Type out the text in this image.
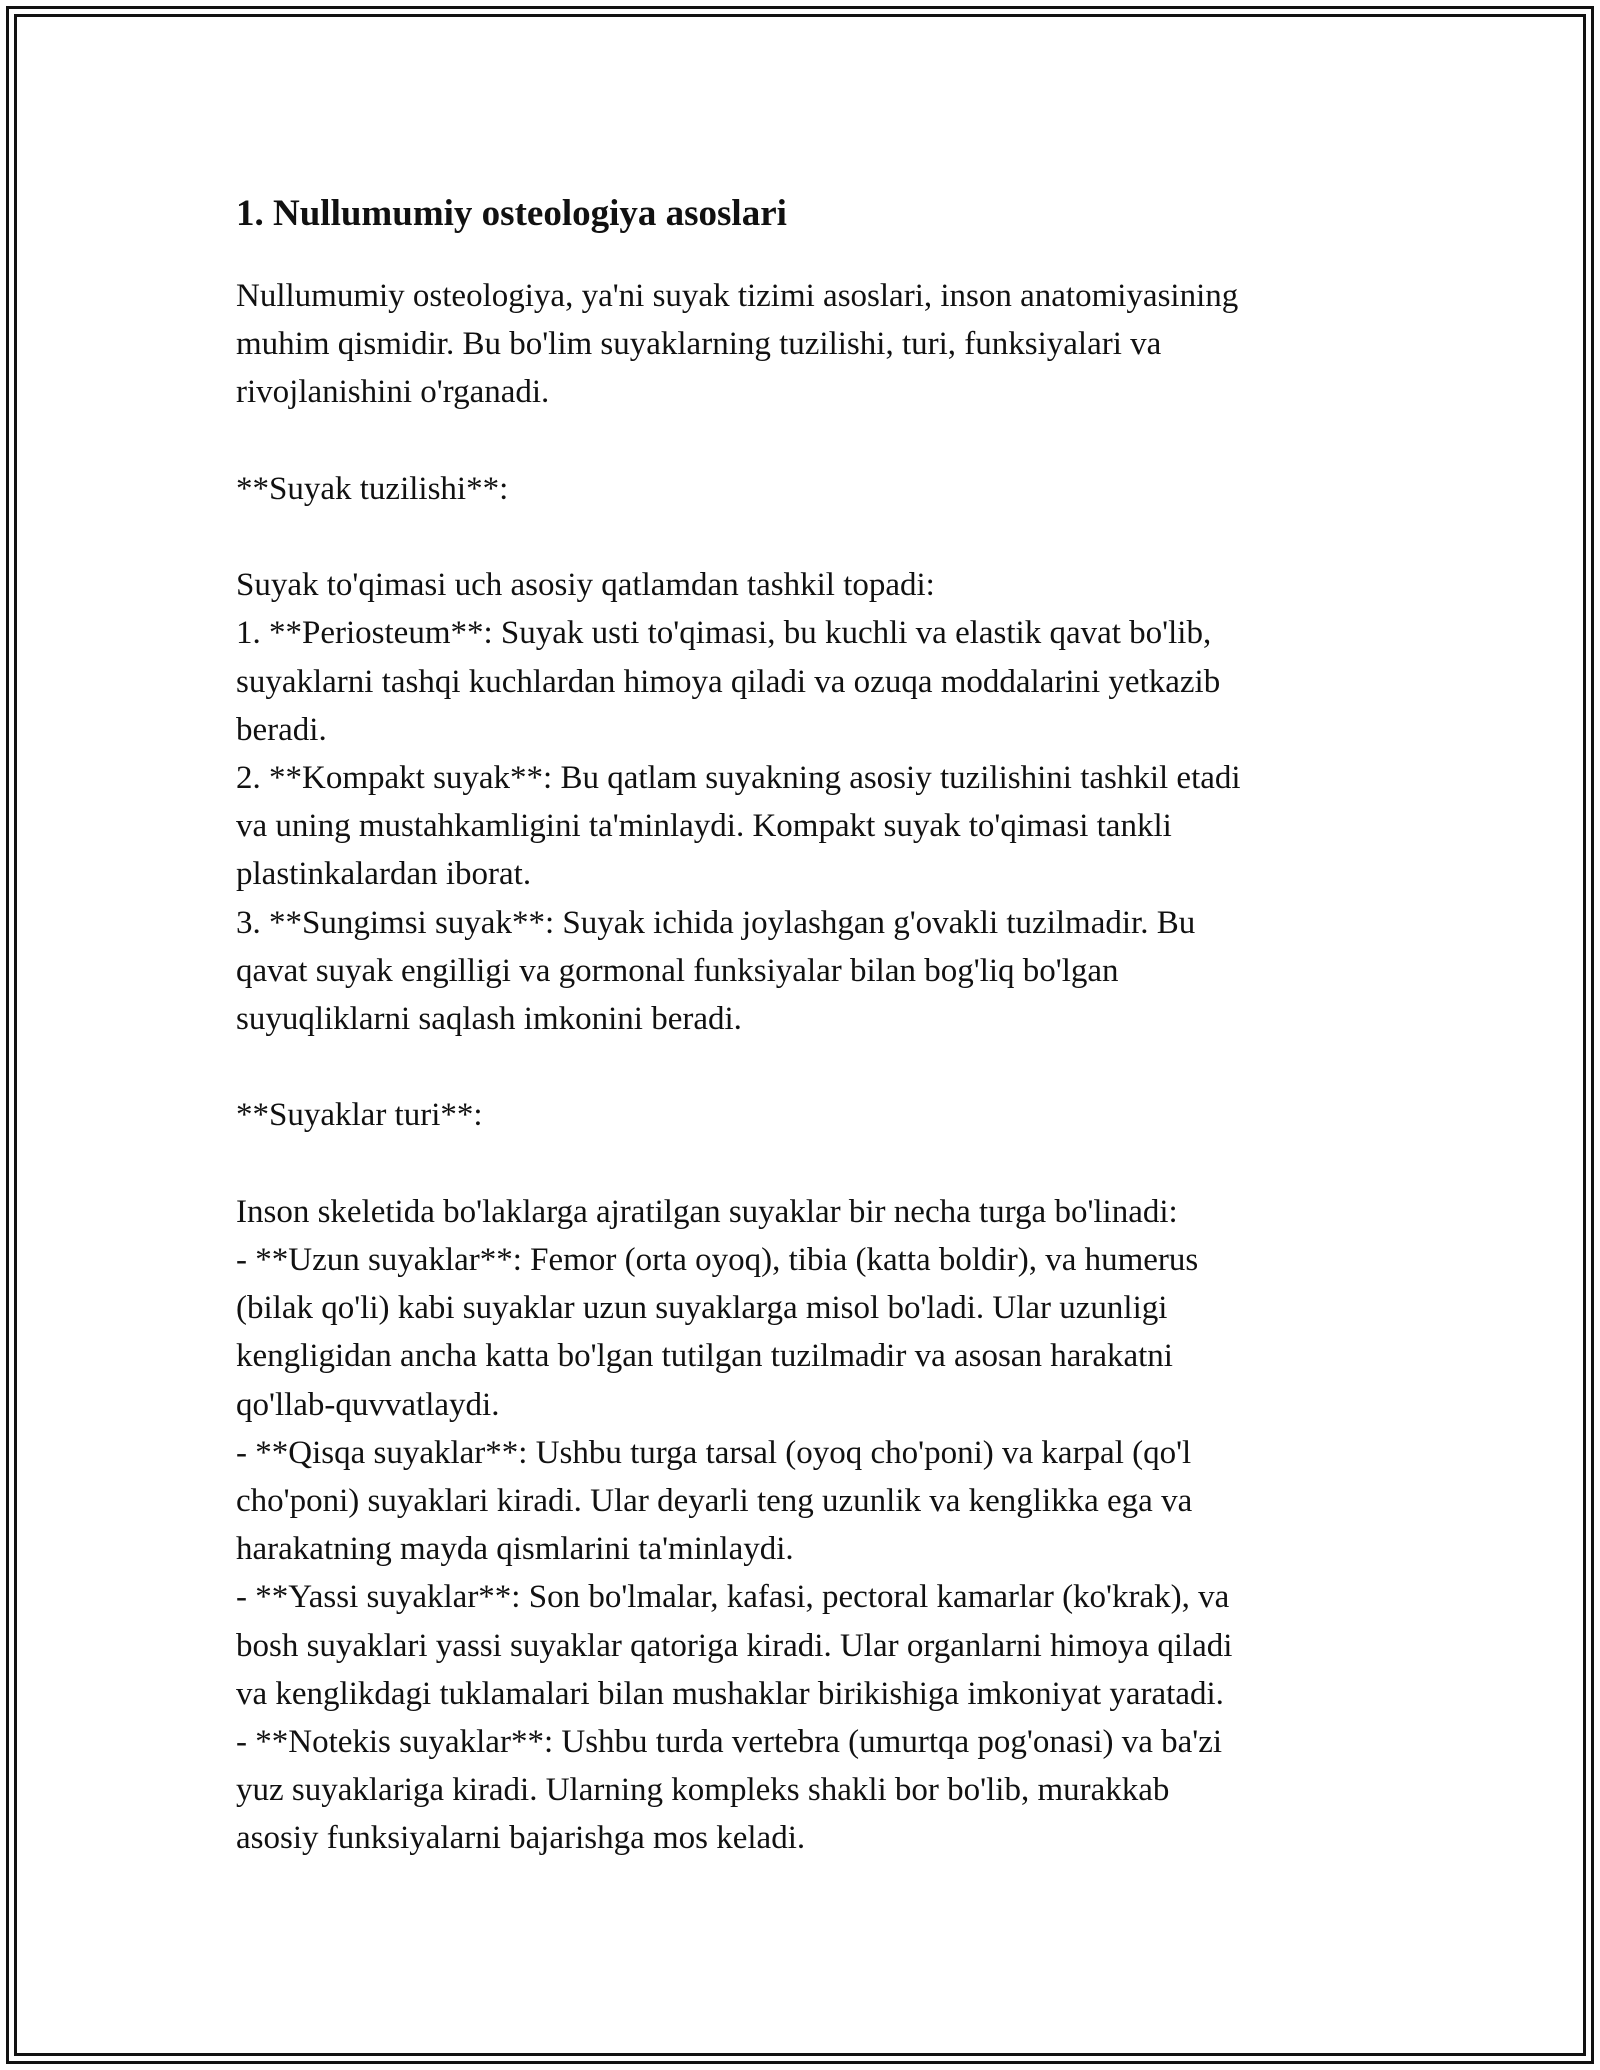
1. Nullumumiy osteologiya asoslari

Nullumumiy osteologiya, ya'ni suyak tizimi asoslari, inson anatomiyasining
muhim qismidir. Bu bo'lim suyaklarning tuzilishi, turi, funksiyalari va
rivojlanishini o'rganadi.

**Suyak tuzilishi**:

Suyak to'qimasi uch asosiy qatlamdan tashkil topadi:

1. **Periosteum**: Suyak usti to'qimasi, bu kuchli va elastik qavat bo'lib,
suyaklarni tashqi kuchlardan himoya qiladi va ozuqa moddalarini yetkazib
beradi.

2. **Kompakt suyak**: Bu qatlam suyakning asosiy tuzilishini tashkil etadi
va uning mustahkamligini ta'minlaydi. Kompakt suyak to'qimasi tankli
plastinkalardan iborat.

3. **Sungimsi suyak**: Suyak ichida joylashgan g'ovakli tuzilmadir. Bu
qavat suyak engilligi va gormonal funksiyalar bilan bog'liq bo'lgan
suyuqliklarni saqlash imkonini beradi.

**Suyaklar turi**:

Inson skeletida bo'laklarga ajratilgan suyaklar bir necha turga bo'linadi:

- **Uzun suyaklar**: Femor (orta oyoq), tibia (katta boldir), va humerus
(bilak qo'li) kabi suyaklar uzun suyaklarga misol bo'ladi. Ular uzunligi
kengligidan ancha katta bo'lgan tutilgan tuzilmadir va asosan harakatni
qo'llab-quvvatlaydi.

- **Qisqa suyaklar**: Ushbu turga tarsal (oyoq cho'poni) va karpal (qo'l
cho'poni) suyaklari kiradi. Ular deyarli teng uzunlik va kenglikka ega va
harakatning mayda qismlarini ta'minlaydi.

- **Yassi suyaklar**: Son bo'lmalar, kafasi, pectoral kamarlar (ko'krak), va
bosh suyaklari yassi suyaklar qatoriga kiradi. Ular organlarni himoya qiladi
va kenglikdagi tuklamalari bilan mushaklar birikishiga imkoniyat yaratadi.

- **Notekis suyaklar**: Ushbu turda vertebra (umurtqa pog'onasi) va ba'zi
yuz suyaklariga kiradi. Ularning kompleks shakli bor bo'lib, murakkab
asosiy funksiyalarni bajarishga mos keladi.
